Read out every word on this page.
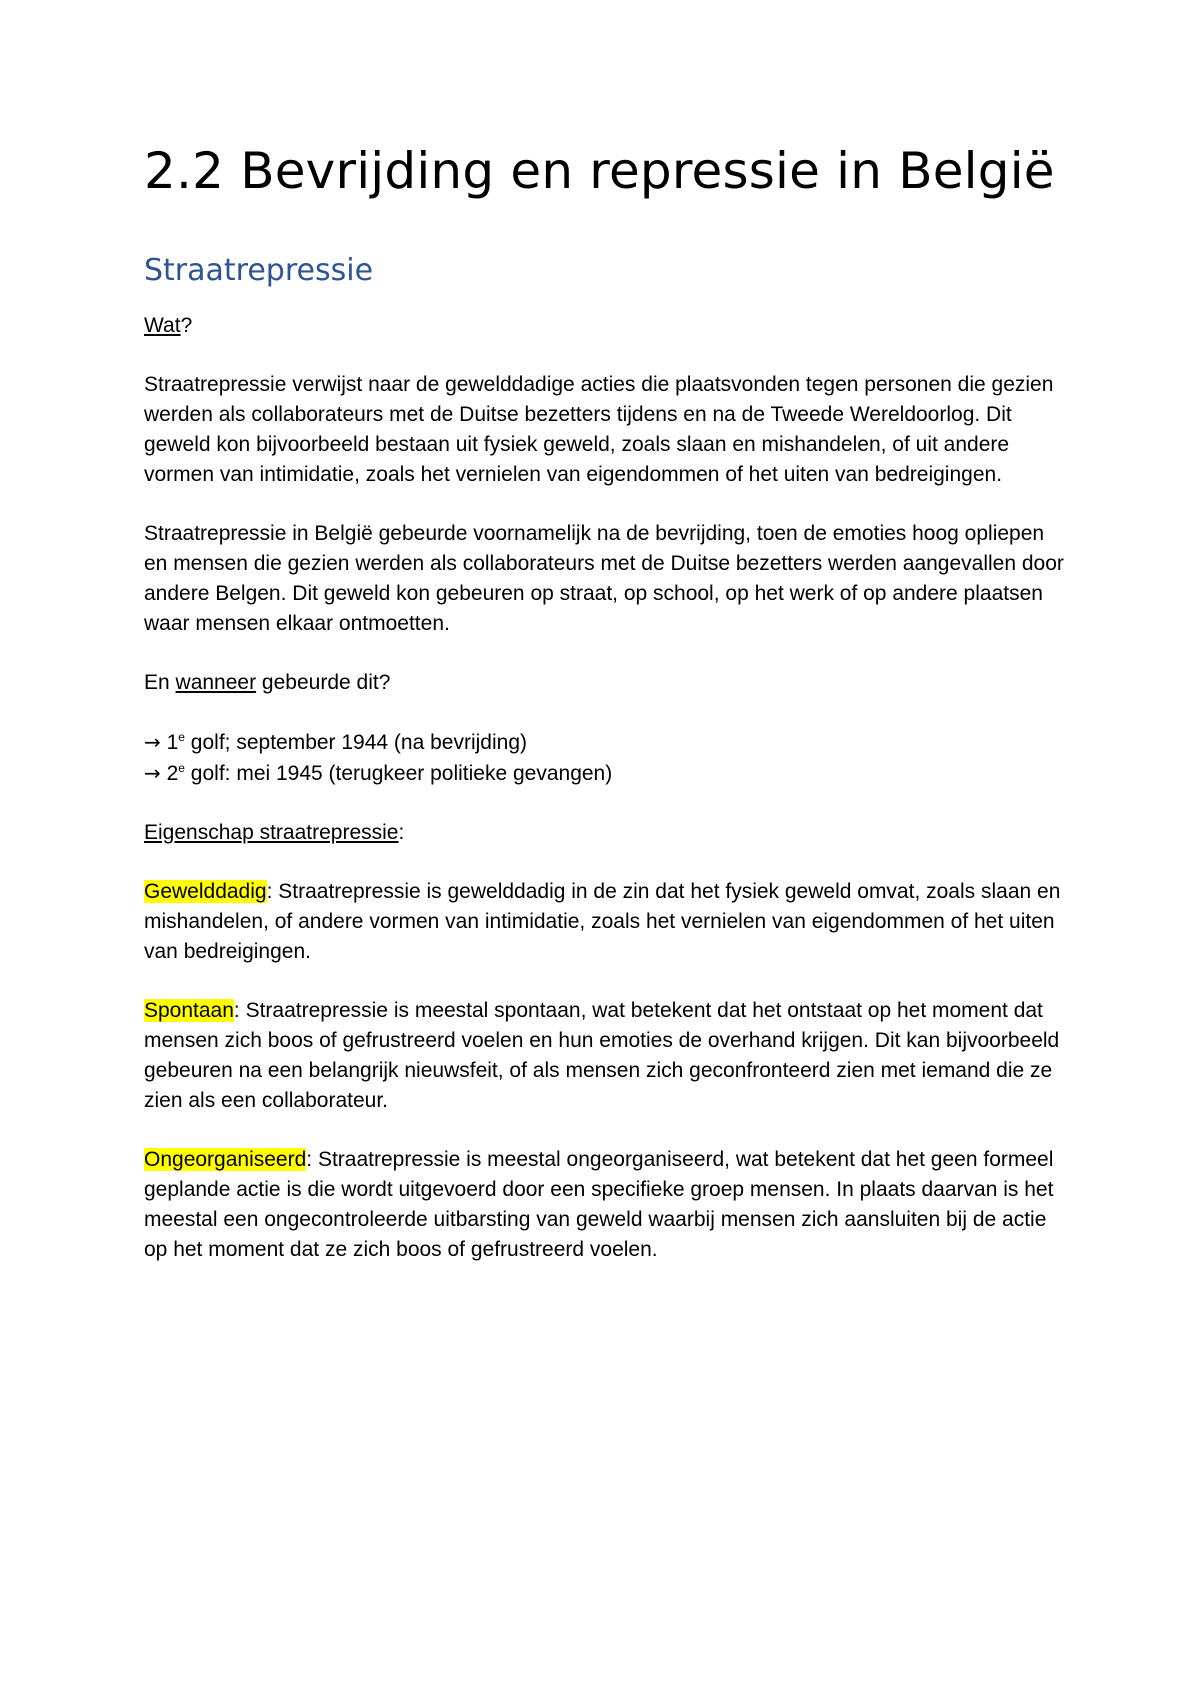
2.2 Bevrijding en repressie in België
Straatrepressie

Wat?

Straatrepressie verwijst naar de gewelddadige acties die plaatsvonden tegen personen die gezien werden als collaborateurs met de Duitse bezetters tijdens en na de Tweede Wereldoorlog. Dit geweld kon bijvoorbeeld bestaan uit fysiek geweld, zoals slaan en mishandelen, of uit andere vormen van intimidatie, zoals het vernielen van eigendommen of het uiten van bedreigingen.

Straatrepressie in België gebeurde voornamelijk na de bevrijding, toen de emoties hoog opliepen en mensen die gezien werden als collaborateurs met de Duitse bezetters werden aangevallen door andere Belgen. Dit geweld kon gebeuren op straat, op school, op het werk of op andere plaatsen waar mensen elkaar ontmoetten.

En wanneer gebeurde dit?

→ $1^e$ golf; september 1944 (na bevrijding)

→ $2^e$ golf: mei 1945 (terugkeer politieke gevangen)

Eigenschap straatrepressie:

Gewelddadig: Straatrepressie is gewelddadig in de zin dat het fysiek geweld omvat, zoals slaan en mishandelen, of andere vormen van intimidatie, zoals het vernielen van eigendommen of het uiten van bedreigingen.

Spontaan: Straatrepressie is meestal spontaan, wat betekent dat het ontstaat op het moment dat mensen zich boos of gefrustreerd voelen en hun emoties de overhand krijgen. Dit kan bijvoorbeeld gebeuren na een belangrijk nieuwsfeit, of als mensen zich geconfronteerd zien met iemand die ze zien als een collaborateur.

Ongeorganiseerd: Straatrepressie is meestal ongeorganiseerd, wat betekent dat het geen formeel geplande actie is die wordt uitgevoerd door een specifieke groep mensen. In plaats daarvan is het meestal een ongecontroleerde uitbarsting van geweld waarbij mensen zich aansluiten bij de actie op het moment dat ze zich boos of gefrustreerd voelen.
